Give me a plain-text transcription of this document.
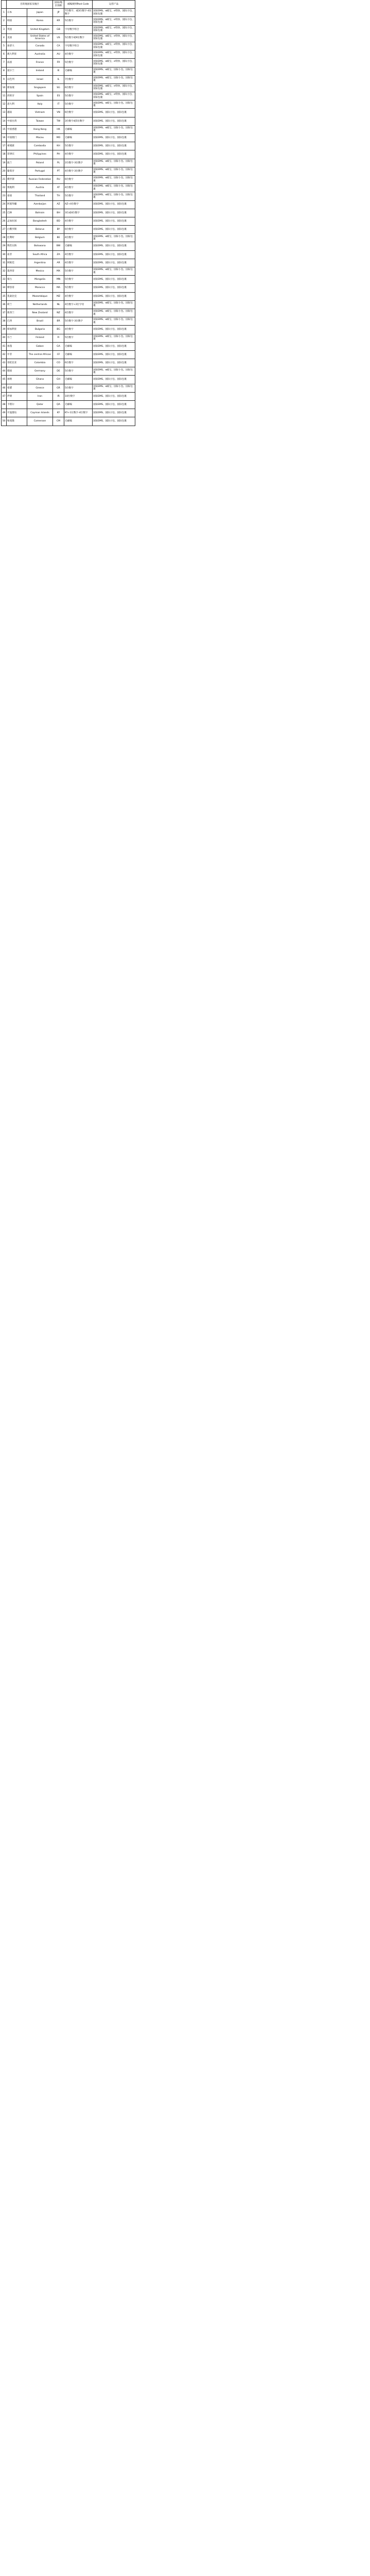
	目的地国家及地区		国家/地区简称	邮编规则Post Code	运营产品
1	日本	Japan	JP	7位数字，或3位数字-4位数字	国际EMS、e邮宝、e特快、国际小包、国际包裹
2	韩国	Korea	KR	5位数字	国际EMS、e邮宝、e特快、国际小包、国际包裹
3	英国	United Kingdom	GB	字母数字组合	国际EMS、e邮宝、e特快、国际小包、国际包裹
4	美国	United States of America	US	5位数字或9位数字	国际EMS、e邮宝、e特快、国际小包、国际包裹
5	加拿大	Canada	CA	字母数字组合	国际EMS、e邮宝、e特快、国际小包、国际包裹
6	澳大利亚	Australia	AU	4位数字	国际EMS、e邮宝、e特快、国际小包、国际包裹
7	法国	France	FR	5位数字	国际EMS、e邮宝、e特快、国际小包、国际包裹
8	爱尔兰	Ireland	IE	无邮编	国际EMS、e邮宝、国际小包、国际包裹
9	以色列	Israel	IL	7位数字	国际EMS、e邮宝、国际小包、国际包裹
10	新加坡	Singapore	SG	6位数字	国际EMS、e邮宝、e特快、国际小包、国际包裹
11	西班牙	Spain	ES	5位数字	国际EMS、e邮宝、e特快、国际小包、国际包裹
12	意大利	Italy	IT	5位数字	国际EMS、e邮宝、国际小包、国际包裹
13	越南	Vietnam	VN	6位数字	国际EMS、国际小包、国际包裹
14	中国台湾	Taiwan	TW	3位数字或5位数字	国际EMS、国际小包、国际包裹
15	中国香港	Hong Kong	HK	无邮编	国际EMS、e邮宝、国际小包、国际包裹
16	中国澳门	Macau	MO	无邮编	国际EMS、国际小包、国际包裹
17	柬埔寨	Cambodia	KH	5位数字	国际EMS、国际小包、国际包裹
18	菲律宾	Philippines	PH	4位数字	国际EMS、国际小包、国际包裹
19	波兰	Poland	PL	2位数字-3位数字	国际EMS、e邮宝、国际小包、国际包裹
20	葡萄牙	Portugal	PT	4位数字-3位数字	国际EMS、e邮宝、国际小包、国际包裹
21	俄罗斯	Russian Federation	RU	6位数字	国际EMS、e邮宝、国际小包、国际包裹
22	奥地利	Austria	AT	4位数字	国际EMS、e邮宝、国际小包、国际包裹
23	泰国	Thailand	TH	5位数字	国际EMS、e邮宝、国际小包、国际包裹
24	阿塞拜疆	Azerbaijan	AZ	AZ+4位数字	国际EMS、国际小包、国际包裹
25	巴林	Bahrain	BH	3位或4位数字	国际EMS、国际小包、国际包裹
26	孟加拉国	Bangladesh	BD	4位数字	国际EMS、国际小包、国际包裹
27	白俄罗斯	Belarus	BY	6位数字	国际EMS、国际小包、国际包裹
28	比利时	Belgium	BE	4位数字	国际EMS、e邮宝、国际小包、国际包裹
29	博茨瓦纳	Botswana	BW	无邮编	国际EMS、国际小包、国际包裹
30	南非	South Africa	ZA	4位数字	国际EMS、国际小包、国际包裹
31	阿根廷	Argentina	AR	4位数字	国际EMS、国际小包、国际包裹
32	墨西哥	Mexico	MX	5位数字	国际EMS、e邮宝、国际小包、国际包裹
33	蒙古	Mongolia	MN	5位数字	国际EMS、国际小包、国际包裹
34	摩洛哥	Morocco	MA	5位数字	国际EMS、国际小包、国际包裹
35	莫桑比克	Mozambique	MZ	4位数字	国际EMS、国际小包、国际包裹
36	荷兰	Netherlands	NL	4位数字+2位字母	国际EMS、e邮宝、国际小包、国际包裹
37	新西兰	New Zealand	NZ	4位数字	国际EMS、e邮宝、国际小包、国际包裹
38	巴西	Brazil	BR	5位数字-3位数字	国际EMS、e邮宝、国际小包、国际包裹
39	保加利亚	Bulgaria	BG	4位数字	国际EMS、国际小包、国际包裹
40	芬兰	Finland	FI	5位数字	国际EMS、e邮宝、国际小包、国际包裹
41	加蓬	Gabon	GA	无邮编	国际EMS、国际小包、国际包裹
42	中非	The central African	CF	无邮编	国际EMS、国际小包、国际包裹
43	哥伦比亚	Colombia	CO	6位数字	国际EMS、国际小包、国际包裹
44	德国	Germany	DE	5位数字	国际EMS、e邮宝、国际小包、国际包裹
45	加纳	Ghana	GH	无邮编	国际EMS、国际小包、国际包裹
46	希腊	Greece	GR	5位数字	国际EMS、e邮宝、国际小包、国际包裹
47	伊朗	Iran	IR	10位数字	国际EMS、国际小包、国际包裹
48	卡塔尔	Qatar	QA	无邮编	国际EMS、国际小包、国际包裹
49	开曼群岛	Cayman Islands	KY	KY+1位数字-4位数字	国际EMS、国际小包、国际包裹
50	喀麦隆	Cameroon	CM	无邮编	国际EMS、国际小包、国际包裹
